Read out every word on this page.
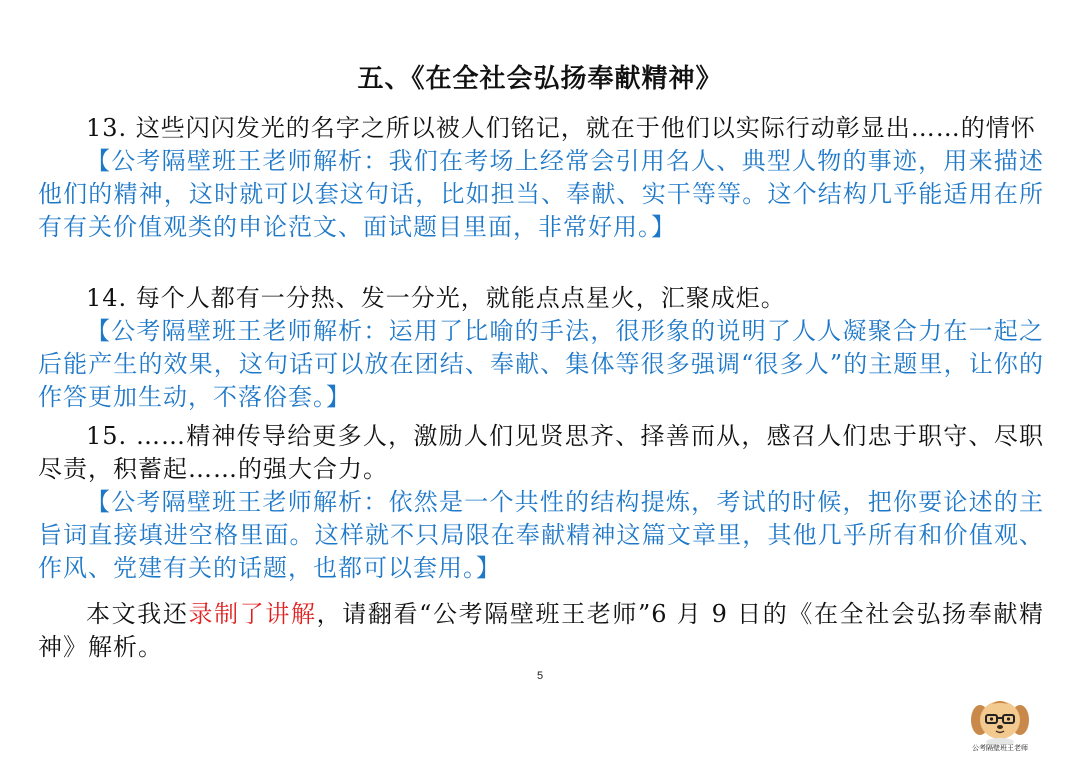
五、《在全社会弘扬奉献精神》

13. 这些闪闪发光的名字之所以被人们铭记，就在于他们以实际行动彰显出……的情怀

【公考隔壁班王老师解析：我们在考场上经常会引用名人、典型人物的事迹，用来描述他们的精神，这时就可以套这句话，比如担当、奉献、实干等等。这个结构几乎能适用在所有有关价值观类的申论范文、面试题目里面，非常好用。】

14. 每个人都有一分热、发一分光，就能点点星火，汇聚成炬。

【公考隔壁班王老师解析：运用了比喻的手法，很形象的说明了人人凝聚合力在一起之后能产生的效果，这句话可以放在团结、奉献、集体等很多强调“很多人”的主题里，让你的作答更加生动，不落俗套。】

15. ……精神传导给更多人，激励人们见贤思齐、择善而从，感召人们忠于职守、尽职尽责，积蓄起……的强大合力。

【公考隔壁班王老师解析：依然是一个共性的结构提炼，考试的时候，把你要论述的主旨词直接填进空格里面。这样就不只局限在奉献精神这篇文章里，其他几乎所有和价值观、作风、党建有关的话题，也都可以套用。】

本文我还录制了讲解，请翻看“公考隔壁班王老师”6 月 9 日的《在全社会弘扬奉献精神》解析。

5
公考隔壁班王老师
